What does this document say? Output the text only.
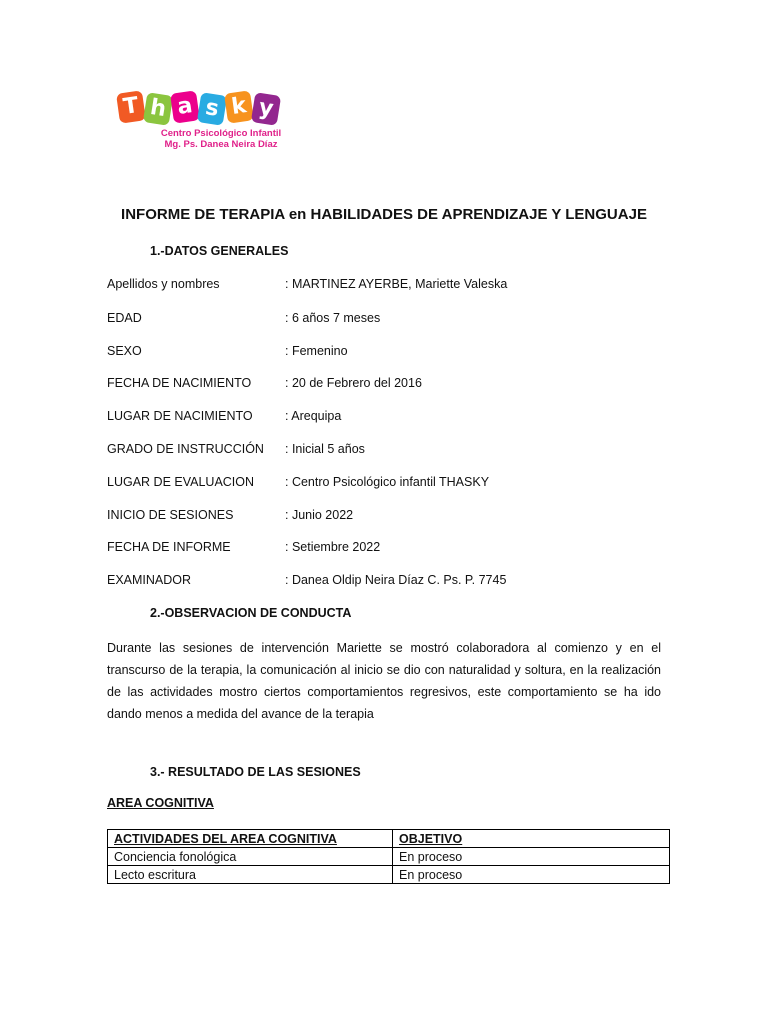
T h a s k y
Centro Psicológico Infantil
Mg. Ps. Danea Neira Díaz
INFORME DE TERAPIA en HABILIDADES DE APRENDIZAJE Y LENGUAJE
1.-DATOS GENERALES
Apellidos y nombres	: MARTINEZ AYERBE, Mariette Valeska
EDAD	: 6 años 7 meses
SEXO	: Femenino
FECHA DE NACIMIENTO	: 20 de Febrero del 2016
LUGAR DE NACIMIENTO	: Arequipa
GRADO DE INSTRUCCIÓN : Inicial 5 años
LUGAR DE EVALUACION : Centro Psicológico infantil THASKY
INICIO DE SESIONES	: Junio 2022
FECHA DE INFORME	: Setiembre 2022
EXAMINADOR	: Danea Oldip Neira Díaz C. Ps. P. 7745
2.-OBSERVACION DE CONDUCTA
Durante las sesiones de intervención Mariette se mostró colaboradora al comienzo y en el transcurso de la terapia, la comunicación al inicio se dio con naturalidad y soltura, en la realización de las actividades mostro ciertos comportamientos regresivos, este comportamiento se ha ido dando menos a medida del avance de la terapia
3.- RESULTADO DE LAS SESIONES
AREA COGNITIVA
ACTIVIDADES DEL AREA COGNITIVA	OBJETIVO
Conciencia fonológica	En proceso
Lecto escritura	En proceso
